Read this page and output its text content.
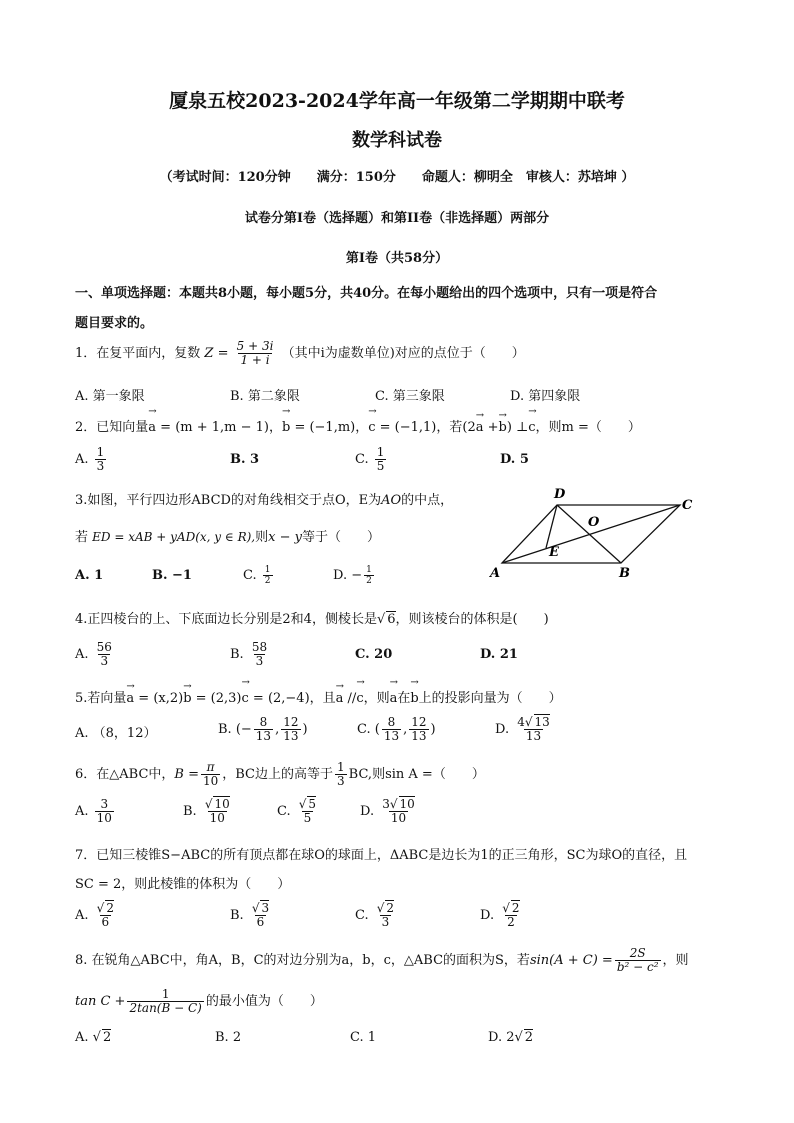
厦泉五校2023-2024学年高一年级第二学期期中联考
数学科试卷
（考试时间：120分钟　　满分：150分　　命题人：柳明全　审核人：苏培坤 ）
试卷分第Ⅰ卷（选择题）和第II卷（非选择题）两部分
第Ⅰ卷（共58分）
一、单项选择题：本题共8小题，每小题5分，共40分。在每小题给出的四个选项中，只有一项是符合
题目要求的。
1．在复平面内，复数 $Z = \frac{5 + 3i}{1 + i}$ （其中i为虚数单位)对应的点位于（　　）
A. 第一象限	B. 第二象限	C. 第三象限	D. 第四象限
2．已知向量→ a = (m + 1,m − 1)，→ b = (−1,m)，→ c = (−1,1)，若(2→ a +→ b) ⊥→ c，则m =（　　）
A. $\frac{1}{3}$	B. 3	C. $\frac{1}{5}$	D. 5
3.如图，平行四边形ABCD的对角线相交于点O，E为AO的中点，
若 ED = xAB + yAD(x, y ∈ R),则x − y等于（　　）
A. 1	B. −1	C. $\frac{1}{2}$	D. − $\frac{1}{2}$	A	B
C
D
O
E
4.正四棱台的上、下底面边长分别是2和4，侧棱长是√ 6，则该棱台的体积是(　　)
A. $\frac{56}{3}$	B. $\frac{58}{3}$	C. 20	D. 21
5.若向量→ a = (x,2)→ b = (2,3)→ c = (2,−4)，且→ a //→ c，则→ a在→ b上的投影向量为（　　）
A. （8，12）	B. (− $\frac{8}{13}$ , $\frac{12}{13}$ )	C. ( $\frac{8}{13}$ , $\frac{12}{13}$ )	D. $\frac{4√ 13}{13}$
6．在△ABC中，$B = \frac{\pi}{10}$ ，BC边上的高等于 $\frac{1}{3}$ BC,则sin A =（　　）
A. $\frac{3}{10}$	B. $\frac{√ 10}{10}$	C. $\frac{√ 5}{5}$	D. $\frac{3√ 10}{10}$
7．已知三棱锥S−ABC的所有顶点都在球O的球面上，ΔABC是边长为1的正三角形，SC为球O的直径，且
SC = 2，则此棱锥的体积为（　　）
A. $\frac{√ 2}{6}$	B. $\frac{√ 3}{6}$	C. $\frac{√ 2}{3}$	D. $\frac{√ 2}{2}$
8. 在锐角△ABC中，角A，B，C的对边分别为a，b，c，△ABC的面积为S，若$\sin(A + C) = \frac{2S}{\text{b² − c²}}$ ，则
$\tan C + \frac{1}{2\tan(B - C)}$ 的最小值为（　　）
A. √ 2	B. 2	C. 1	D. 2√ 2
